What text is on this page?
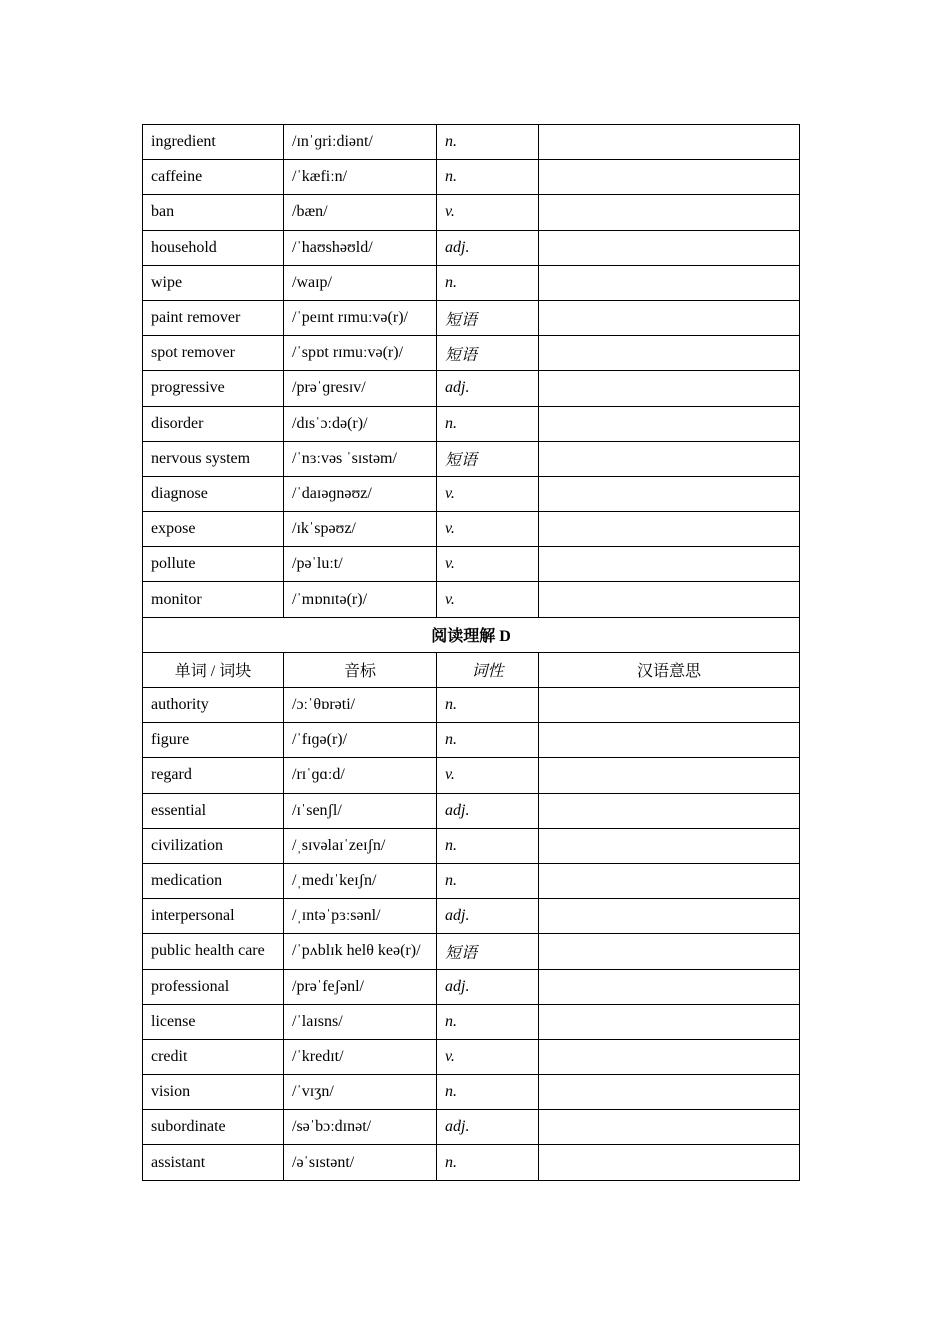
ingredient	/ɪnˈɡriːdiənt/	n.	
caffeine	/ˈkæfiːn/	n.	
ban	/bæn/	v.	
household	/ˈhaʊshəʊld/	adj.	
wipe	/waɪp/	n.	
paint remover	/ˈpeɪnt rɪmuːvə(r)/	短语	
spot remover	/ˈspɒt rɪmuːvə(r)/	短语	
progressive	/prəˈɡresɪv/	adj.	
disorder	/dɪsˈɔːdə(r)/	n.	
nervous system	/ˈnɜːvəs ˈsɪstəm/	短语	
diagnose	/ˈdaɪəɡnəʊz/	v.	
expose	/ɪkˈspəʊz/	v.	
pollute	/pəˈluːt/	v.	
monitor	/ˈmɒnɪtə(r)/	v.	
阅读理解 D			
单词 / 词块	音标	词性	汉语意思
authority	/ɔːˈθɒrəti/	n.	
figure	/ˈfɪɡə(r)/	n.	
regard	/rɪˈɡɑːd/	v.	
essential	/ɪˈsenʃl/	adj.	
civilization	/ˌsɪvəlaɪˈzeɪʃn/	n.	
medication	/ˌmedɪˈkeɪʃn/	n.	
interpersonal	/ˌɪntəˈpɜːsənl/	adj.	
public health care	/ˈpʌblɪk helθ keə(r)/	短语	
professional	/prəˈfeʃənl/	adj.	
license	/ˈlaɪsns/	n.	
credit	/ˈkredɪt/	v.	
vision	/ˈvɪʒn/	n.	
subordinate	/səˈbɔːdɪnət/	adj.	
assistant	/əˈsɪstənt/	n.	
